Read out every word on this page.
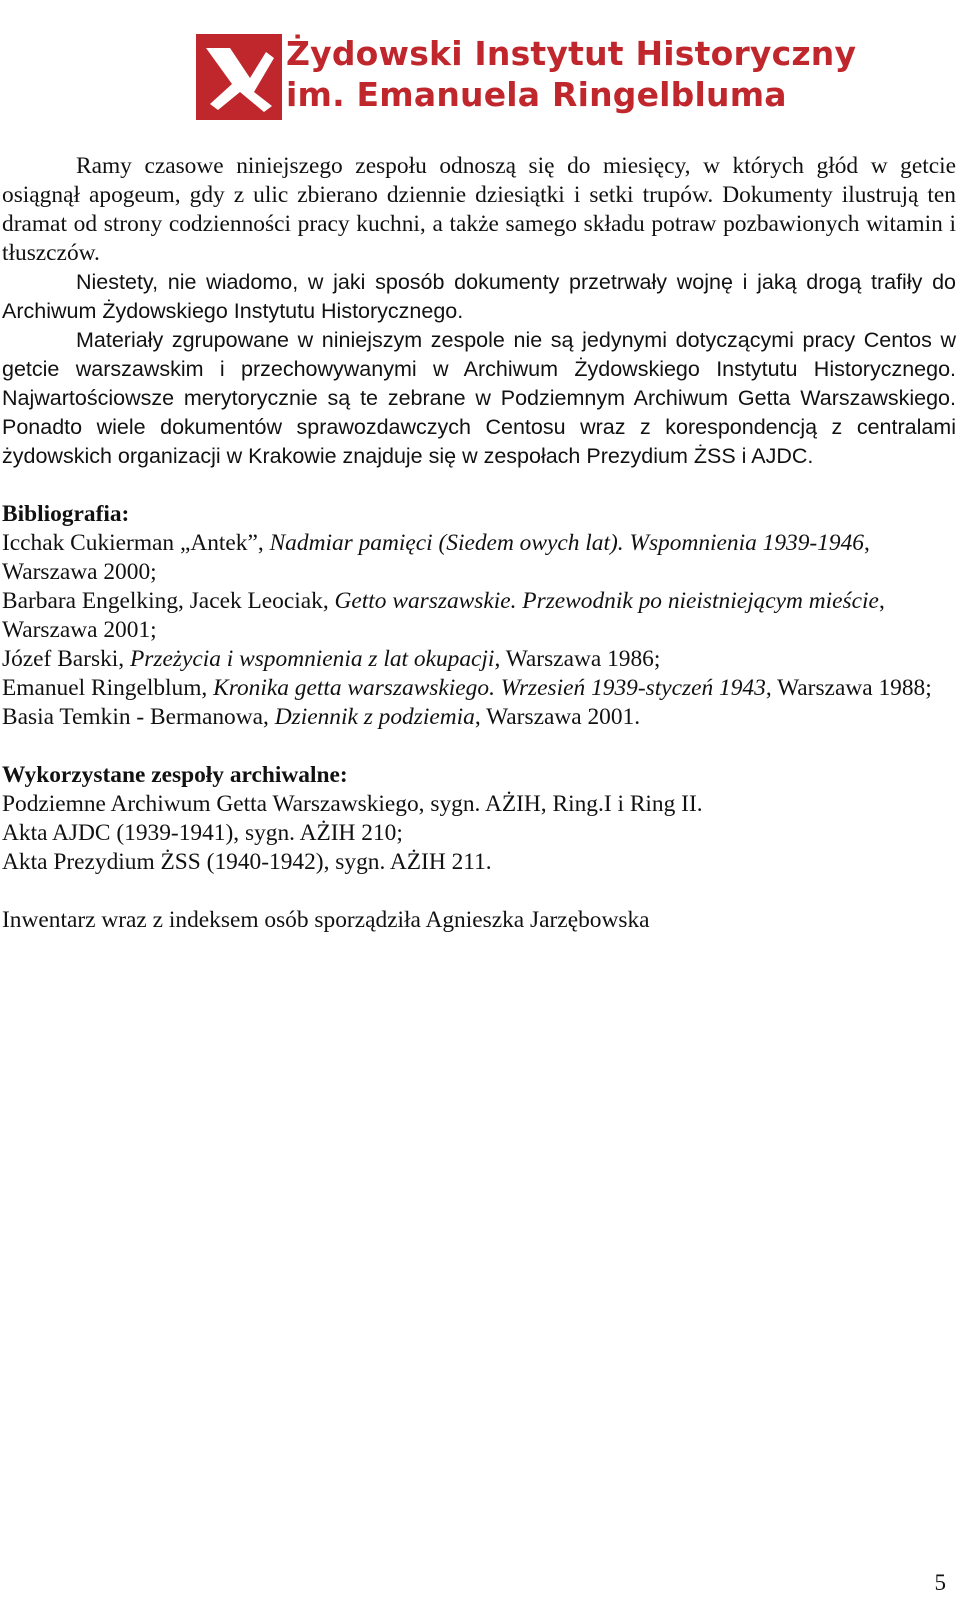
Żydowski Instytut Historyczny
im. Emanuela Ringelbluma

Ramy czasowe niniejszego zespołu odnoszą się do miesięcy, w których głód w getcie osiągnął apogeum, gdy z ulic zbierano dziennie dziesiątki i setki trupów. Dokumenty ilustrują ten dramat od strony codzienności pracy kuchni, a także samego składu potraw pozbawionych witamin i tłuszczów.

Niestety, nie wiadomo, w jaki sposób dokumenty przetrwały wojnę i jaką drogą trafiły do Archiwum Żydowskiego Instytutu Historycznego.

Materiały zgrupowane w niniejszym zespole nie są jedynymi dotyczącymi pracy Centos w getcie warszawskim i przechowywanymi w Archiwum Żydowskiego Instytutu Historycznego. Najwartościowsze merytorycznie są te zebrane w Podziemnym Archiwum Getta Warszawskiego. Ponadto wiele dokumentów sprawozdawczych Centosu wraz z korespondencją z centralami żydowskich organizacji w Krakowie znajduje się w zespołach Prezydium ŻSS i AJDC.

Bibliografia:

Icchak Cukierman „Antek”, Nadmiar pamięci (Siedem owych lat). Wspomnienia 1939-1946, Warszawa 2000;

Barbara Engelking, Jacek Leociak, Getto warszawskie. Przewodnik po nieistniejącym mieście, Warszawa 2001;

Józef Barski, Przeżycia i wspomnienia z lat okupacji, Warszawa 1986;

Emanuel Ringelblum, Kronika getta warszawskiego. Wrzesień 1939-styczeń 1943, Warszawa 1988;

Basia Temkin - Bermanowa, Dziennik z podziemia, Warszawa 2001.

Wykorzystane zespoły archiwalne:

Podziemne Archiwum Getta Warszawskiego, sygn. AŻIH, Ring.I i Ring II.

Akta AJDC (1939-1941), sygn. AŻIH 210;

Akta Prezydium ŻSS (1940-1942), sygn. AŻIH 211.

Inwentarz wraz z indeksem osób sporządziła Agnieszka Jarzębowska

5
